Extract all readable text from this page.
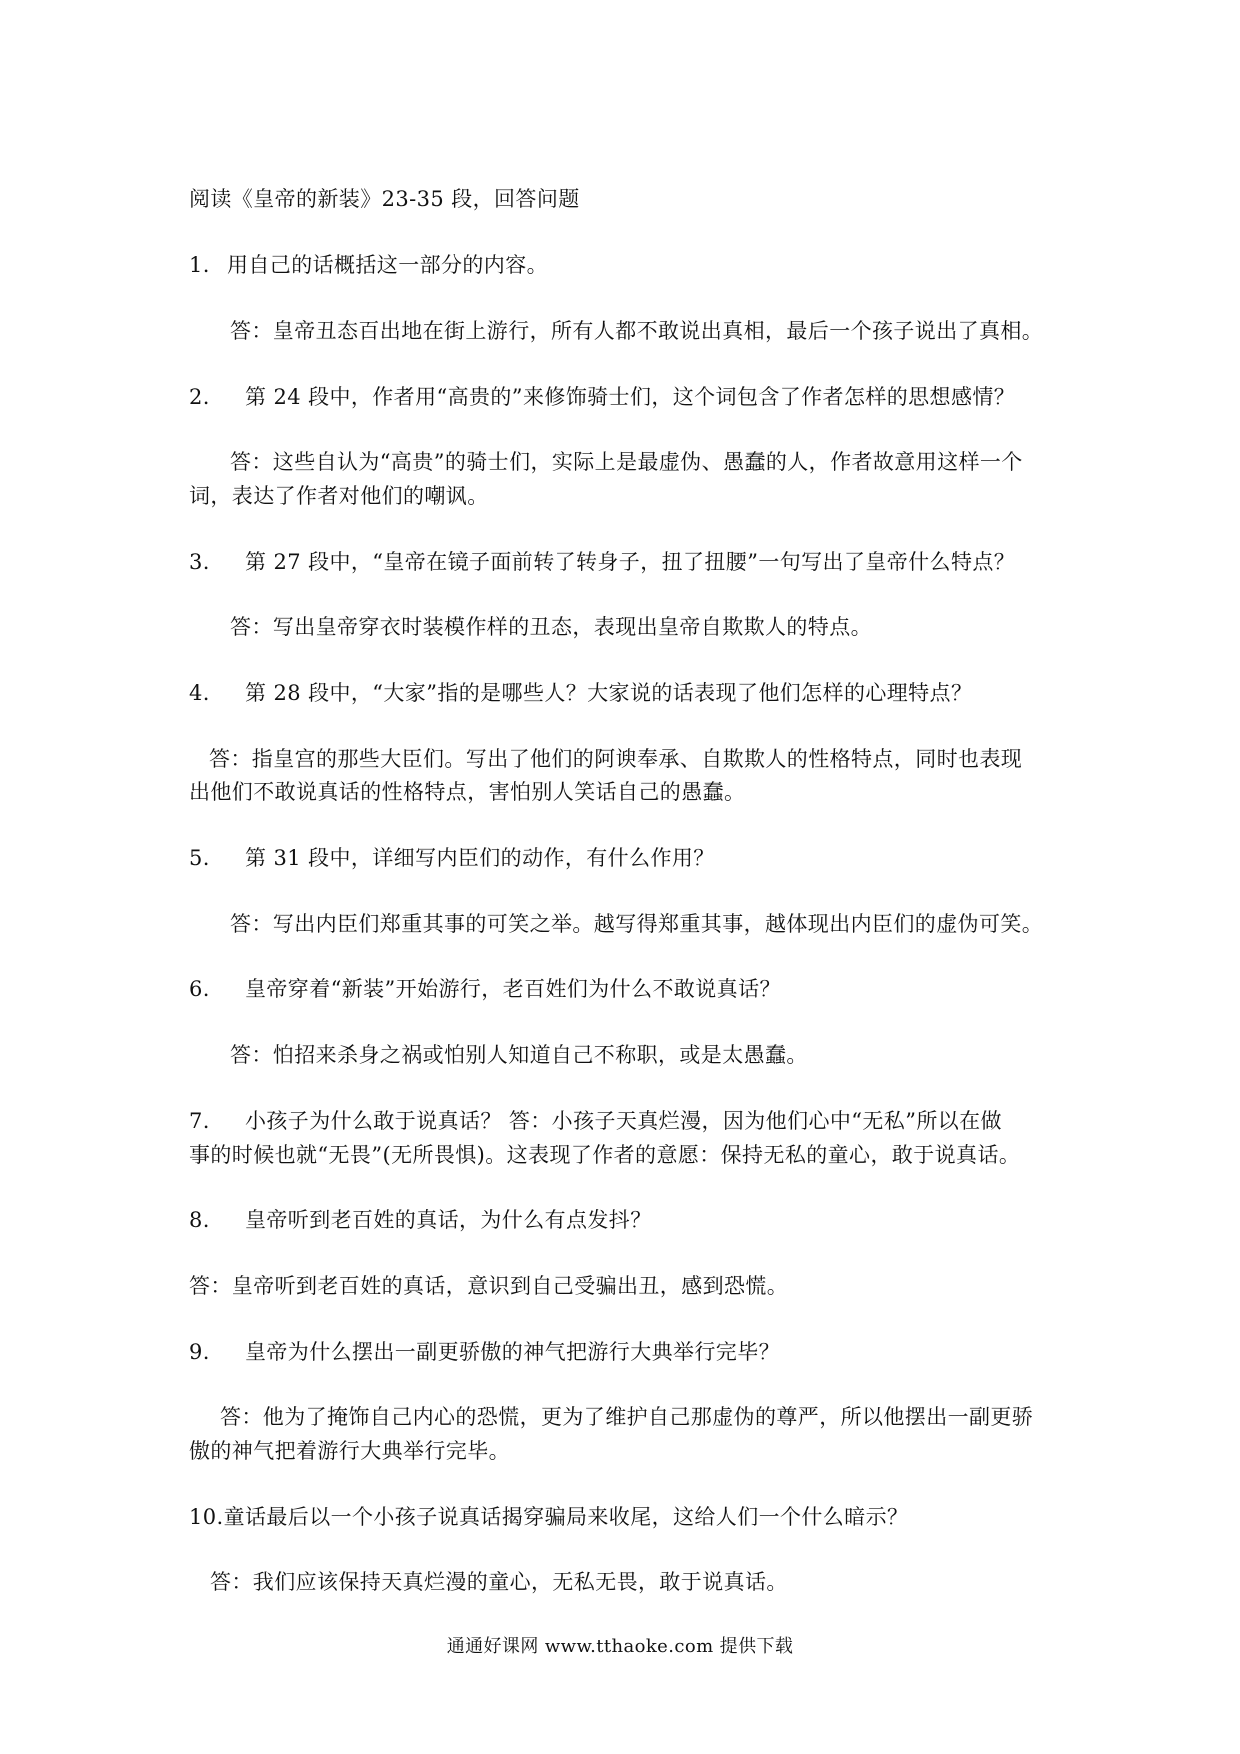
阅读《皇帝的新装》23-35 段，回答问题
1. 用自己的话概括这一部分的内容。
答：皇帝丑态百出地在街上游行，所有人都不敢说出真相，最后一个孩子说出了真相。
2. 第 24 段中，作者用“高贵的”来修饰骑士们，这个词包含了作者怎样的思想感情？
答：这些自认为“高贵”的骑士们，实际上是最虚伪、愚蠢的人，作者故意用这样一个
词，表达了作者对他们的嘲讽。
3. 第 27 段中，“皇帝在镜子面前转了转身子，扭了扭腰”一句写出了皇帝什么特点？
答：写出皇帝穿衣时装模作样的丑态，表现出皇帝自欺欺人的特点。
4. 第 28 段中，“大家”指的是哪些人？大家说的话表现了他们怎样的心理特点？
答：指皇宫的那些大臣们。写出了他们的阿谀奉承、自欺欺人的性格特点，同时也表现
出他们不敢说真话的性格特点，害怕别人笑话自己的愚蠢。
5. 第 31 段中，详细写内臣们的动作，有什么作用？
答：写出内臣们郑重其事的可笑之举。越写得郑重其事，越体现出内臣们的虚伪可笑。
6. 皇帝穿着“新装”开始游行，老百姓们为什么不敢说真话？
答：怕招来杀身之祸或怕别人知道自己不称职，或是太愚蠢。
7. 小孩子为什么敢于说真话？ 答：小孩子天真烂漫，因为他们心中“无私”所以在做
事的时候也就“无畏”(无所畏惧)。这表现了作者的意愿：保持无私的童心，敢于说真话。
8. 皇帝听到老百姓的真话，为什么有点发抖？
答：皇帝听到老百姓的真话，意识到自己受骗出丑，感到恐慌。
9. 皇帝为什么摆出一副更骄傲的神气把游行大典举行完毕？
答：他为了掩饰自己内心的恐慌，更为了维护自己那虚伪的尊严，所以他摆出一副更骄
傲的神气把着游行大典举行完毕。
10.童话最后以一个小孩子说真话揭穿骗局来收尾，这给人们一个什么暗示？
答：我们应该保持天真烂漫的童心，无私无畏，敢于说真话。
通通好课网 www.tthaoke.com 提供下载
